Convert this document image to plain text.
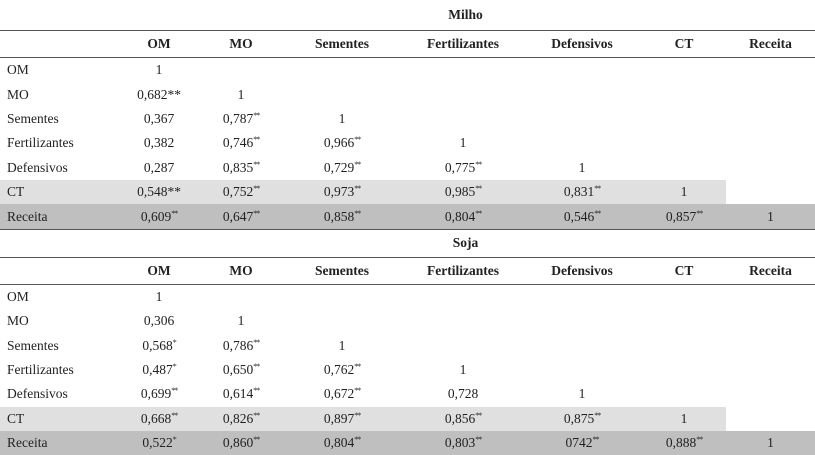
	Milho						
	OM	MO	Sementes	Fertilizantes	Defensivos	CT	Receita
OM	1						
MO	0,682**	1					
Sementes	0,367	0,787**	1				
Fertilizantes	0,382	0,746**	0,966**	1			
Defensivos	0,287	0,835**	0,729**	0,775**	1		
CT	0,548**	0,752**	0,973**	0,985**	0,831**	1	
Receita	0,609**	0,647**	0,858**	0,804**	0,546**	0,857**	1
	Soja						
	OM	MO	Sementes	Fertilizantes	Defensivos	CT	Receita
OM	1						
MO	0,306	1					
Sementes	0,568*	0,786**	1				
Fertilizantes	0,487*	0,650**	0,762**	1			
Defensivos	0,699**	0,614**	0,672**	0,728	1		
CT	0,668**	0,826**	0,897**	0,856**	0,875**	1	
Receita	0,522*	0,860**	0,804**	0,803**	0742**	0,888**	1
